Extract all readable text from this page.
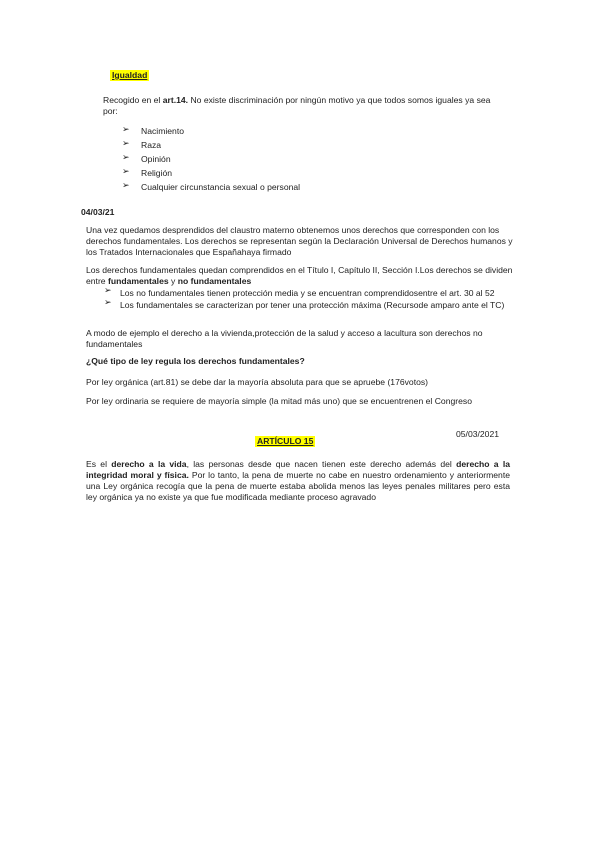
Igualdad

Recogido en el art.14. No existe discriminación por ningún motivo ya que todos somos iguales ya sea por:

➢ Nacimiento
➢ Raza
➢ Opinión
➢ Religión
➢ Cualquier circunstancia sexual o personal
04/03/21

Una vez quedamos desprendidos del claustro materno obtenemos unos derechos que corresponden con los derechos fundamentales. Los derechos se representan según la Declaración Universal de Derechos humanos y los Tratados Internacionales que Españahaya firmado

Los derechos fundamentales quedan comprendidos en el Título I, Capítulo II, Sección I.Los derechos se dividen entre fundamentales y no fundamentales

➢ Los no fundamentales tienen protección media y se encuentran comprendidosentre el art. 30 al 52
➢ Los fundamentales se caracterizan por tener una protección máxima (Recursode amparo ante el TC)

A modo de ejemplo el derecho a la vivienda,protección de la salud y acceso a lacultura son derechos no fundamentales

¿Qué tipo de ley regula los derechos fundamentales?

Por ley orgánica (art.81) se debe dar la mayoría absoluta para que se apruebe (176votos)

Por ley ordinaria se requiere de mayoría simple (la mitad más uno) que se encuentrenen el Congreso

05/03/2021
ARTÍCULO 15

Es el derecho a la vida, las personas desde que nacen tienen este derecho además del derecho a la integridad moral y física. Por lo tanto, la pena de muerte no cabe en nuestro ordenamiento y anteriormente una Ley orgánica recogía que la pena de muerte estaba abolida menos las leyes penales militares pero esta ley orgánica ya no existe ya que fue modificada mediante proceso agravado
